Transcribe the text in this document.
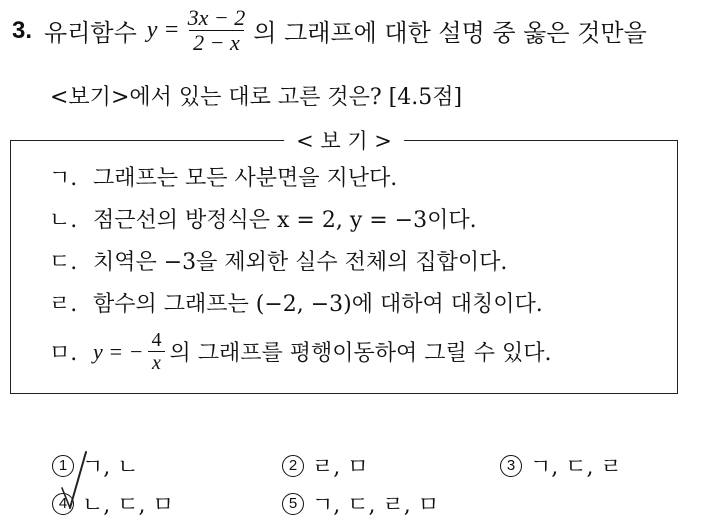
3. 유리함수 $y = \frac{3x - 2}{2 - x}$ 의 그래프에 대한 설명 중 옳은 것만을
<보기>에서 있는 대로 고른 것은? [4.5점]
< 보 기 >
ㄱ. 그래프는 모든 사분면을 지난다.
ㄴ. 점근선의 방정식은 x = 2, y = −3이다.
ㄷ. 치역은 −3을 제외한 실수 전체의 집합이다.
ㄹ. 함수의 그래프는 (−2, −3)에 대하여 대칭이다.
ㅁ. y = − $\frac{4}{x}$ 의 그래프를 평행이동하여 그릴 수 있다.
1 ㄱ, ㄴ	2 ㄹ, ㅁ	3 ㄱ, ㄷ, ㄹ
4 ㄴ, ㄷ, ㅁ	5 ㄱ, ㄷ, ㄹ, ㅁ
